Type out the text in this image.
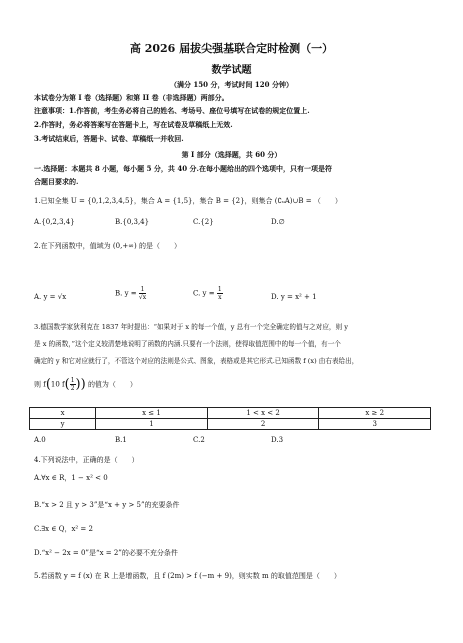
高 2026 届拔尖强基联合定时检测（一）
数学试题
（满分 150 分，考试时间 120 分钟）
本试卷分为第 I 卷（选择题）和第 II 卷（非选择题）两部分。
注意事项：1.作答前，考生务必将自己的姓名、考场号、座位号填写在试卷的规定位置上.
2.作答时，务必将答案写在答题卡上，写在试卷及草稿纸上无效.
3.考试结束后，答题卡、试卷、草稿纸一并收回.
第 I 部分（选择题，共 60 分）
一.选择题：本题共 8 小题，每小题 5 分，共 40 分.在每小题给出的四个选项中，只有一项是符
合题目要求的.
1.已知全集 U = {0,1,2,3,4,5}，集合 A = {1,5}，集合 B = {2}，则集合 (∁ᵤA)∪B = （　　）
A.{0,2,3,4}	B.{0,3,4}	C.{2}	D.∅
2.在下列函数中，值域为 (0,+∞) 的是（　　）
A. y = √x	B. $y = \frac{1}{√x}$	C. $y = \frac{1}{x}$	D. y = x² + 1
3.德国数学家狄利克在 1837 年时提出：“如果对于 x 的每一个值，y 总有一个完全确定的值与之对应，则 y
是 x 的函数，”这个定义较清楚地说明了函数的内涵.只要有一个法则，使得取值范围中的每一个值，有一个
确定的 y 和它对应就行了，不管这个对应的法则是公式、图象，表格或是其它形式.已知函数 f (x) 由右表给出，
则 f(10 $f( \frac{1}{2}$ )) 的值为（　　）
x	x ≤ 1	1 < x < 2	x ≥ 2
y	1	2	3
A.0	B.1	C.2	D.3
4.下列说法中，正确的是（　　）
A.∀x ∈ R，1 − x² < 0
B.“x > 2 且 y > 3”是“x + y > 5”的充要条件
C.∃x ∈ Q，x² = 2
D.“x² − 2x = 0”是“x = 2”的必要不充分条件
5.若函数 y = f (x) 在 R 上是增函数，且 f (2m) > f (−m + 9)，则实数 m 的取值范围是（　　）
